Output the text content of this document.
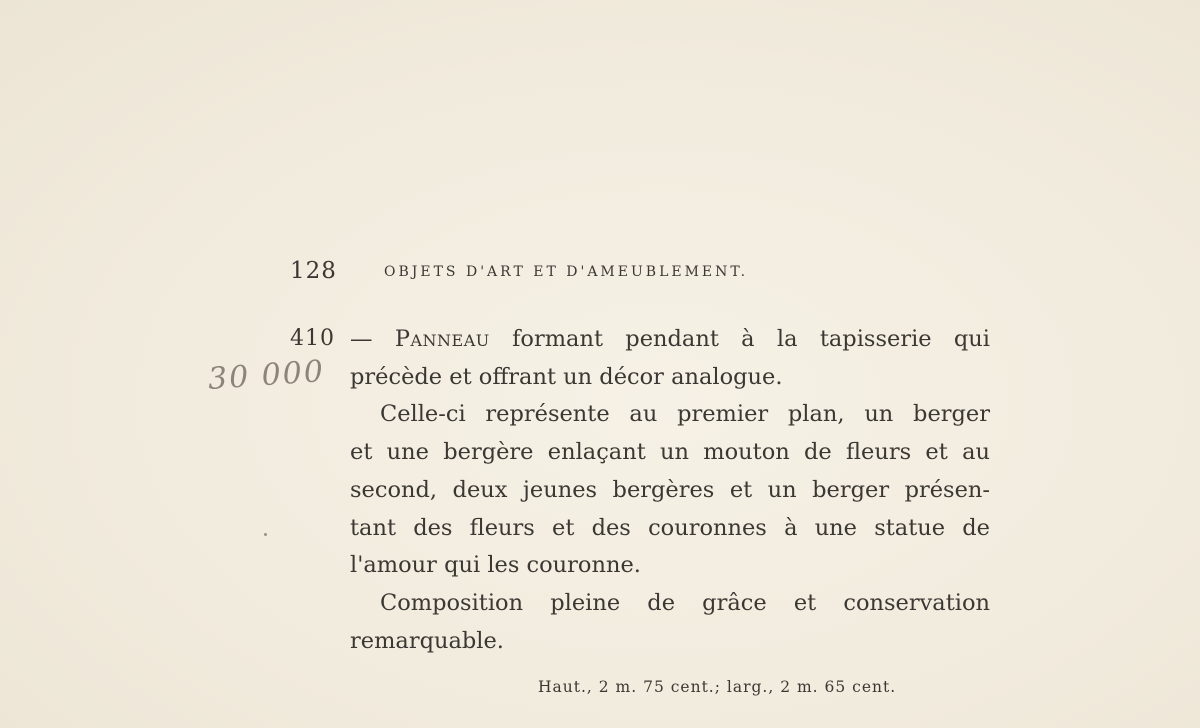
128	OBJETS D'ART ET D'AMEUBLEMENT.
410
30 000
— Panneau formant pendant à la tapisserie qui
précède et offrant un décor analogue.
Celle-ci représente au premier plan, un berger
et une bergère enlaçant un mouton de fleurs et au
second, deux jeunes bergères et un berger présen-
tant des fleurs et des couronnes à une statue de
l'amour qui les couronne.
Composition pleine de grâce et conservation
remarquable.
Haut., 2 m. 75 cent.; larg., 2 m. 65 cent.
